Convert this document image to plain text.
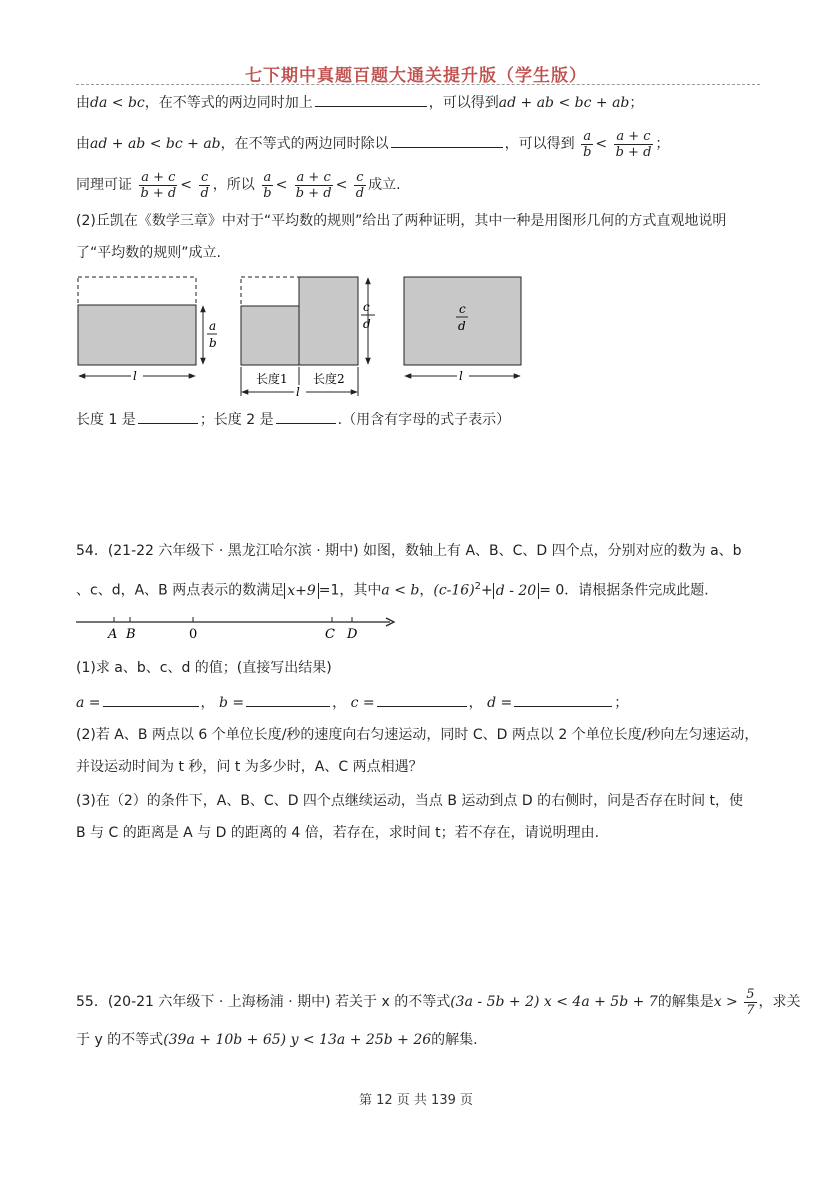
七下期中真题百题大通关提升版（学生版）
由da < bc，在不等式的两边同时加上	，可以得到ad + ab < bc + ab；
由ad + ab < bc + ab，在不等式的两边同时除以	，可以得到 $\frac{a}{b} < \frac{a + c}{b + d}$ ；
同理可证 $\frac{a + c}{b + d} < \frac{c}{d}$ ，所以 $\frac{a}{b} < \frac{a + c}{b + d} < \frac{c}{d}$ 成立.
(2)丘凯在《数学三章》中对于“平均数的规则”给出了两种证明，其中一种是用图形几何的方式直观地说明
了“平均数的规则”成立.
a
b
l
c
d
长度1 长度2
l
c
d
l
长度 1 是	；长度 2 是	.（用含有字母的式子表示）
54．(21-22 六年级下 · 黑龙江哈尔滨 · 期中) 如图，数轴上有 A、B、C、D 四个点，分别对应的数为 a、b
、c、d，A、B 两点表示的数满足 x+9 =1，其中a < b，$(c-16)^2+ d - 20 = 0$．请根据条件完成此题.
A B	0	C D
(1)求 a、b、c、d 的值；(直接写出结果)
a =	， b =	， c =	， d =	；
(2)若 A、B 两点以 6 个单位长度/秒的速度向右匀速运动，同时 C、D 两点以 2 个单位长度/秒向左匀速运动，
并设运动时间为 t 秒，问 t 为多少时，A、C 两点相遇？
(3)在（2）的条件下，A、B、C、D 四个点继续运动，当点 B 运动到点 D 的右侧时，问是否存在时间 t，使
B 与 C 的距离是 A 与 D 的距离的 4 倍，若存在，求时间 t；若不存在，请说明理由.
55．(20-21 六年级下 · 上海杨浦 · 期中) 若关于 x 的不等式(3a - 5b + 2) x < 4a + 5b + 7的解集是$x > \frac{5}{7}$ ，求关
于 y 的不等式(39a + 10b + 65) y < 13a + 25b + 26的解集.
第 12 页 共 139 页
